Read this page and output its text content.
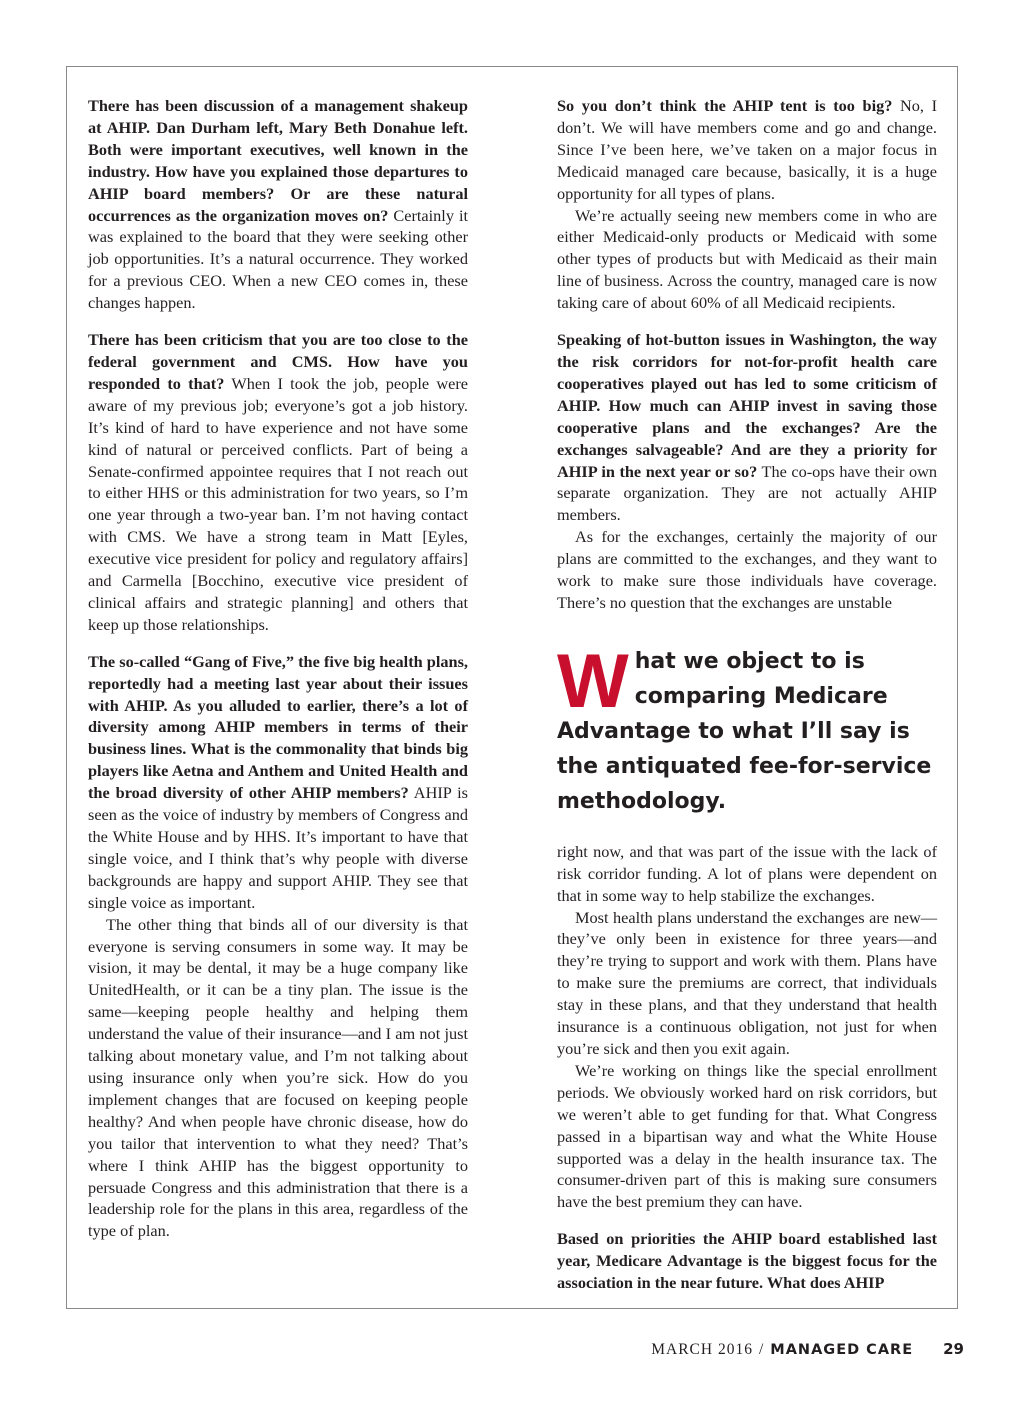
There has been discussion of a management shakeup at AHIP. Dan Durham left, Mary Beth Donahue left. Both were important executives, well known in the industry. How have you explained those departures to AHIP board members? Or are these natural occurrences as the organization moves on? Certainly it was explained to the board that they were seeking other job opportunities. It’s a natural occurrence. They worked for a previous CEO. When a new CEO comes in, these changes happen.

There has been criticism that you are too close to the federal government and CMS. How have you responded to that? When I took the job, people were aware of my previous job; everyone’s got a job history. It’s kind of hard to have experience and not have some kind of natural or perceived conflicts. Part of being a Senate-confirmed appointee requires that I not reach out to either HHS or this administration for two years, so I’m one year through a two-year ban. I’m not having contact with CMS. We have a strong team in Matt [Eyles, executive vice president for policy and regulatory affairs] and Carmella [Bocchino, executive vice president of clinical affairs and strategic planning] and others that keep up those relationships.

The so-called “Gang of Five,” the five big health plans, reportedly had a meeting last year about their issues with AHIP. As you alluded to earlier, there’s a lot of diversity among AHIP members in terms of their business lines. What is the commonality that binds big players like Aetna and Anthem and United Health and the broad diversity of other AHIP members? AHIP is seen as the voice of industry by members of Congress and the White House and by HHS. It’s important to have that single voice, and I think that’s why people with diverse backgrounds are happy and support AHIP. They see that single voice as important.

The other thing that binds all of our diversity is that everyone is serving consumers in some way. It may be vision, it may be dental, it may be a huge company like UnitedHealth, or it can be a tiny plan. The issue is the same—keeping people healthy and helping them understand the value of their insurance—and I am not just talking about monetary value, and I’m not talking about using insurance only when you’re sick. How do you implement changes that are focused on keeping people healthy? And when people have chronic disease, how do you tailor that intervention to what they need? That’s where I think AHIP has the biggest opportunity to persuade Congress and this administration that there is a leadership role for the plans in this area, regardless of the type of plan.

So you don’t think the AHIP tent is too big? No, I don’t. We will have members come and go and change. Since I’ve been here, we’ve taken on a major focus in Medicaid managed care because, basically, it is a huge opportunity for all types of plans.

We’re actually seeing new members come in who are either Medicaid-only products or Medicaid with some other types of products but with Medicaid as their main line of business. Across the country, managed care is now taking care of about 60% of all Medicaid recipients.

Speaking of hot-button issues in Washington, the way the risk corridors for not-for-profit health care cooperatives played out has led to some criticism of AHIP. How much can AHIP invest in saving those cooperative plans and the exchanges? Are the exchanges salvageable? And are they a priority for AHIP in the next year or so? The co-ops have their own separate organization. They are not actually AHIP members.

As for the exchanges, certainly the majority of our plans are committed to the exchanges, and they want to work to make sure those individuals have coverage. There’s no question that the exchanges are unstable

What we object to is comparing Medicare Advantage to what I’ll say is the antiquated fee-for-service methodology.

right now, and that was part of the issue with the lack of risk corridor funding. A lot of plans were dependent on that in some way to help stabilize the exchanges.

Most health plans understand the exchanges are new—they’ve only been in existence for three years—and they’re trying to support and work with them. Plans have to make sure the premiums are correct, that individuals stay in these plans, and that they understand that health insurance is a continuous obligation, not just for when you’re sick and then you exit again.

We’re working on things like the special enrollment periods. We obviously worked hard on risk corridors, but we weren’t able to get funding for that. What Congress passed in a bipartisan way and what the White House supported was a delay in the health insurance tax. The consumer-driven part of this is making sure consumers have the best premium they can have.

Based on priorities the AHIP board established last year, Medicare Advantage is the biggest focus for the association in the near future. What does AHIP

MARCH 2016 / MANAGED CARE 29
